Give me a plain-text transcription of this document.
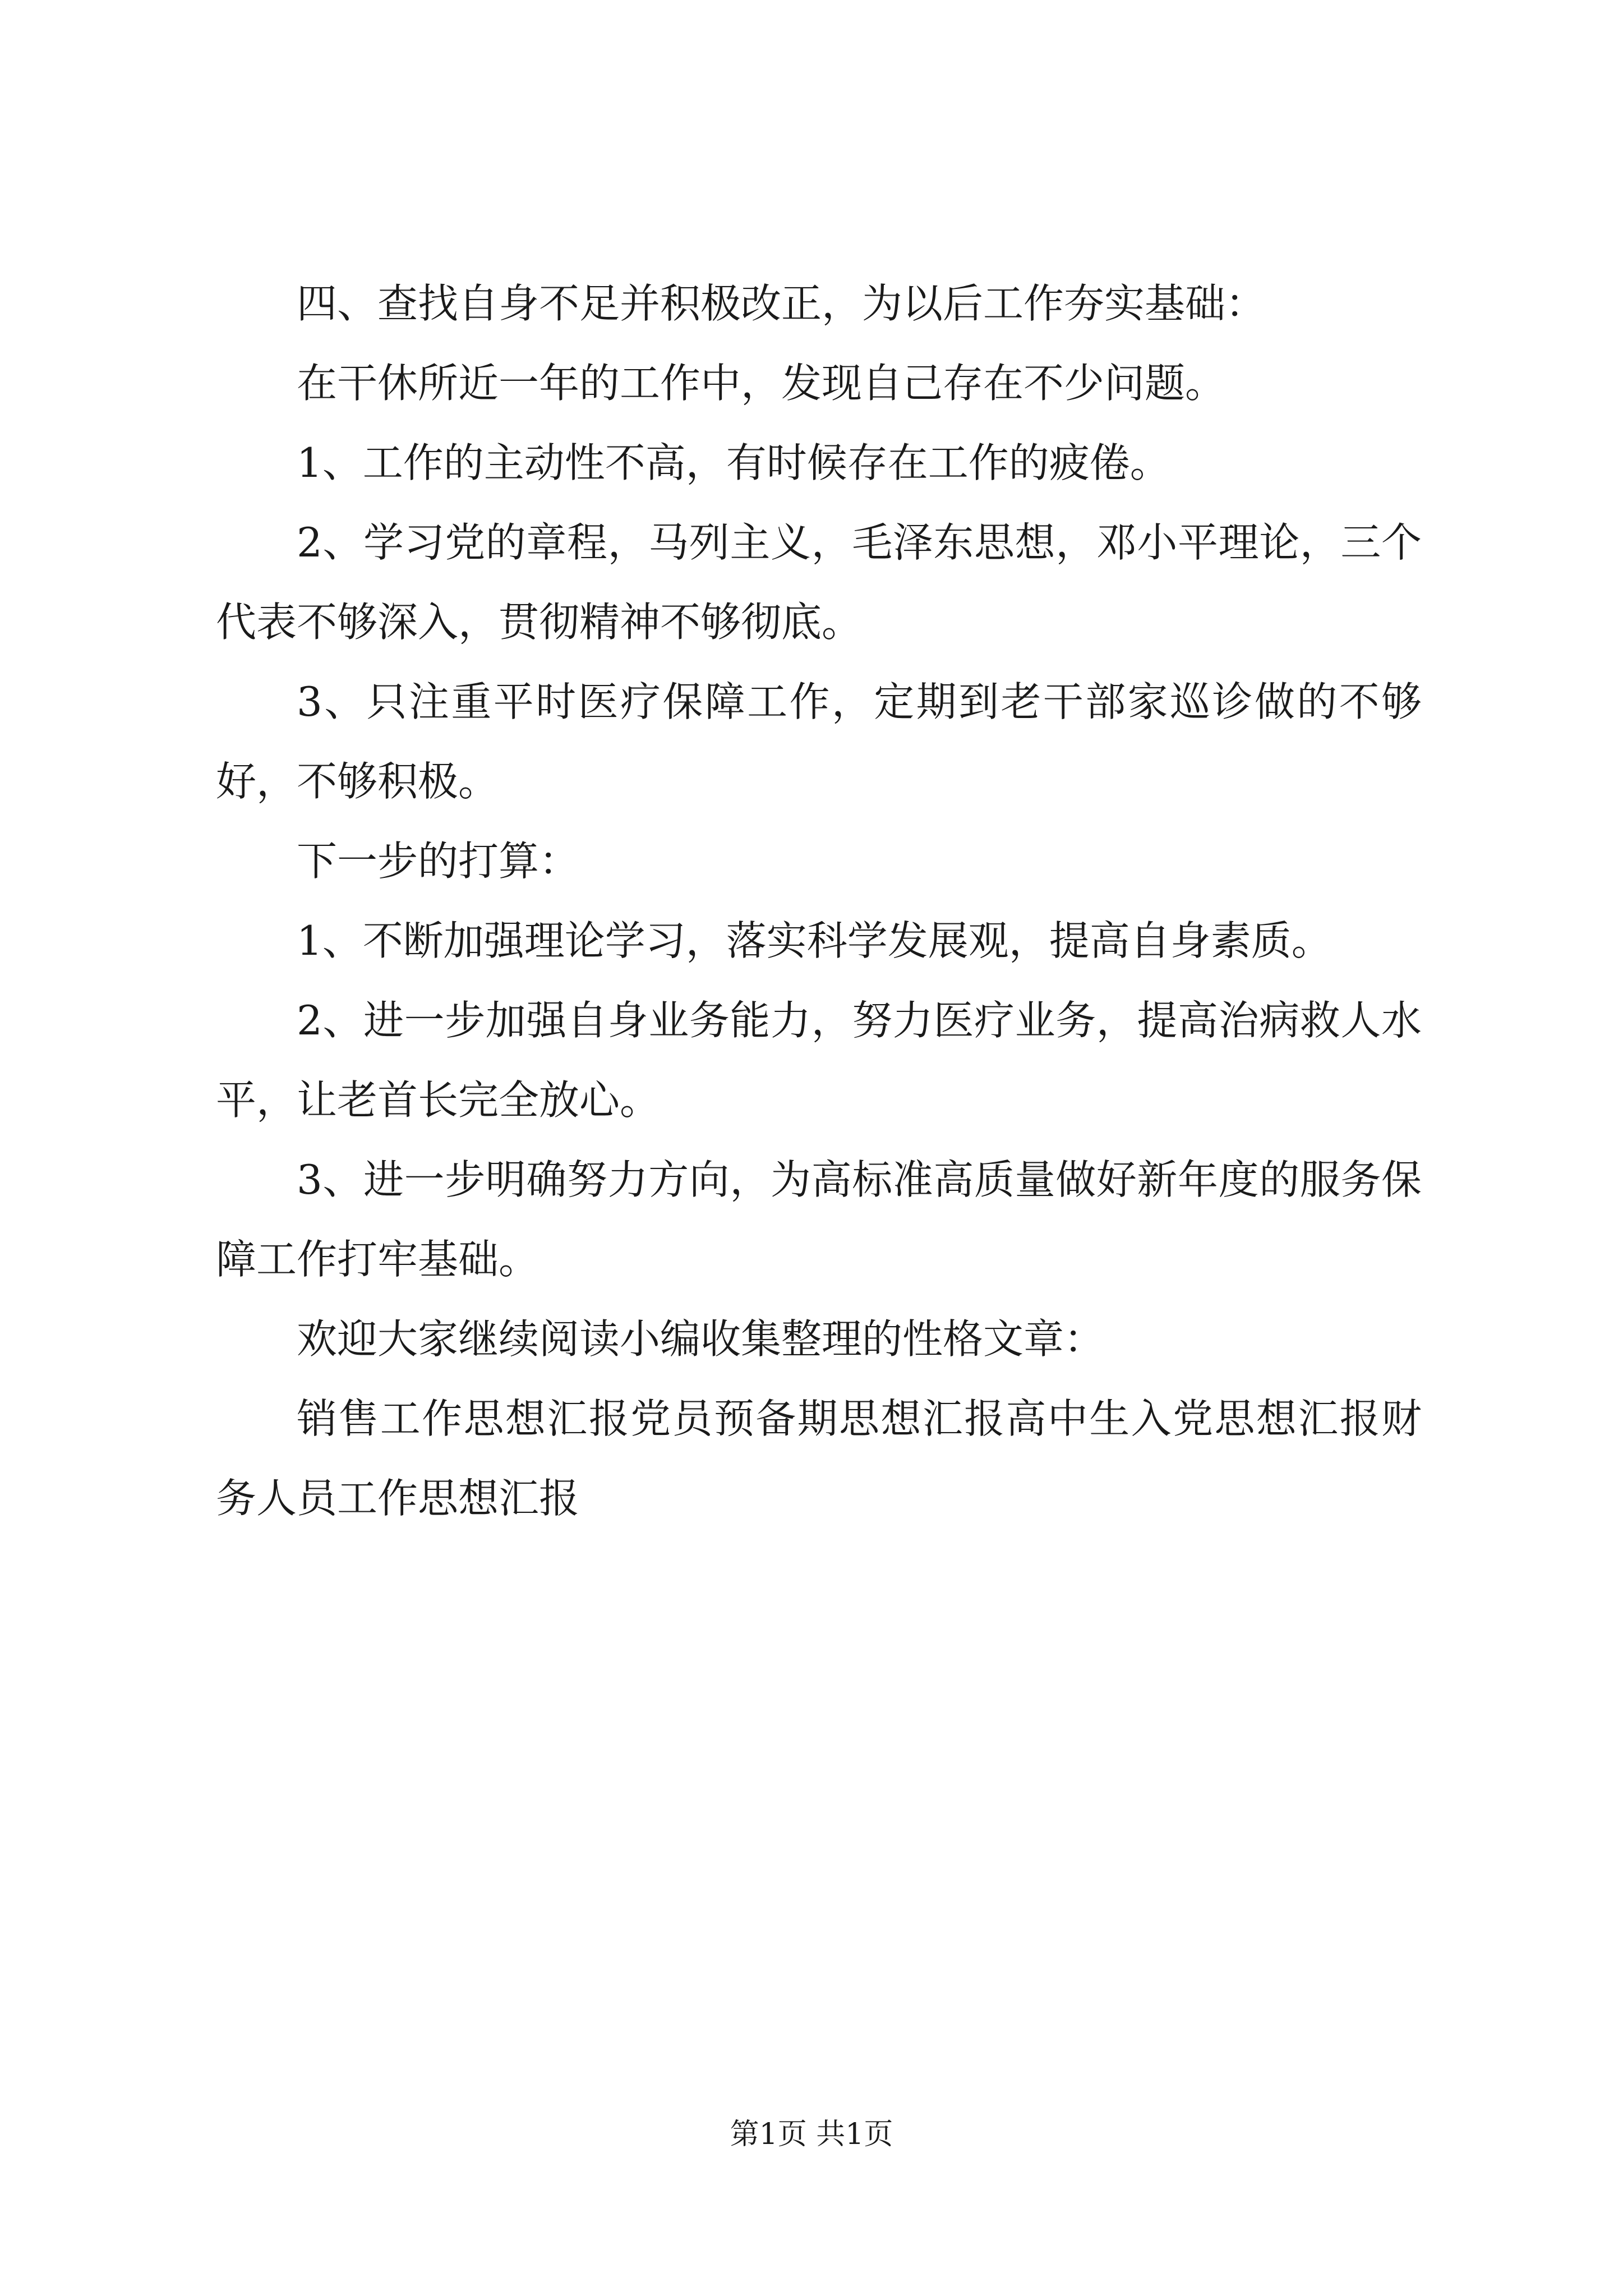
四、查找自身不足并积极改正，为以后工作夯实基础：

在干休所近一年的工作中，发现自己存在不少问题。

1、工作的主动性不高，有时候存在工作的疲倦。

2、学习党的章程，马列主义，毛泽东思想，邓小平理论，三个代表不够深入，贯彻精神不够彻底。

3、只注重平时医疗保障工作，定期到老干部家巡诊做的不够好，不够积极。

下一步的打算：

1、不断加强理论学习，落实科学发展观，提高自身素质。

2、进一步加强自身业务能力，努力医疗业务，提高治病救人水平，让老首长完全放心。

3、进一步明确努力方向，为高标准高质量做好新年度的服务保障工作打牢基础。

欢迎大家继续阅读小编收集整理的性格文章：

销售工作思想汇报党员预备期思想汇报高中生入党思想汇报财务人员工作思想汇报

第1页 共1页
